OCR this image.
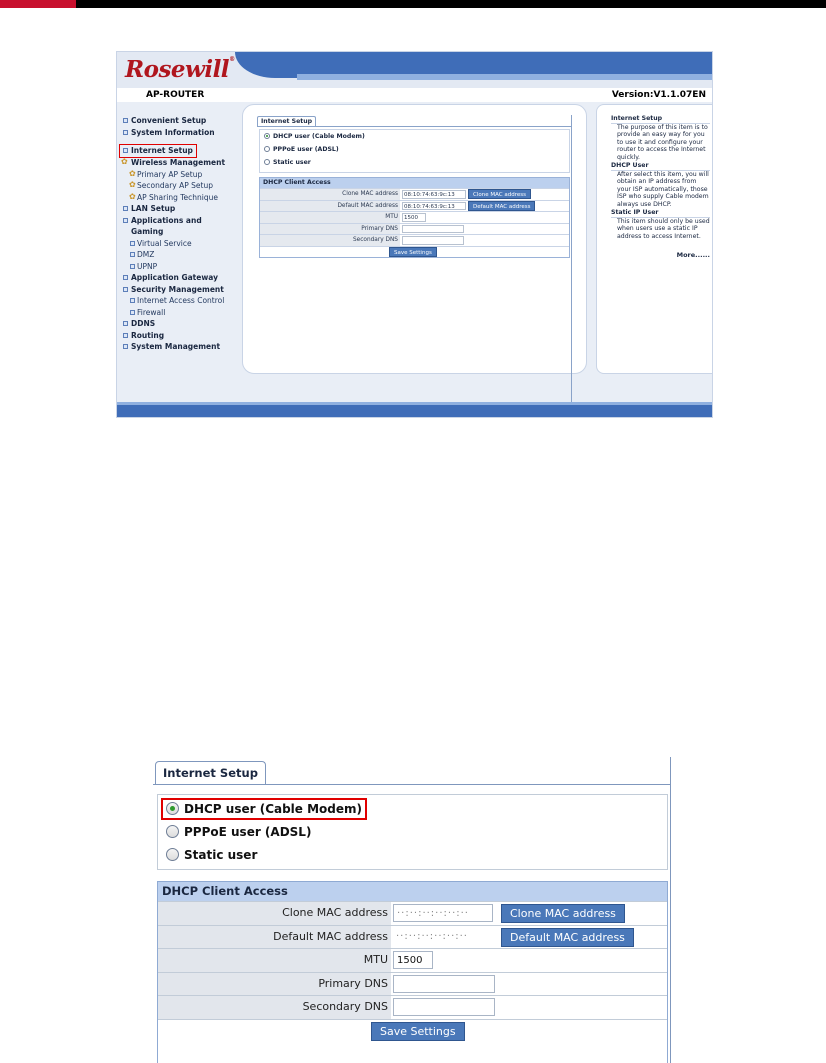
Rosewill®
AP-ROUTER	Version:V1.1.07EN
Convenient Setup
System Information
Internet Setup
✿ Wireless Management
✿ Primary AP Setup
✿ Secondary AP Setup
✿ AP Sharing Technique
LAN Setup
Applications and Gaming
Virtual Service
DMZ
UPNP
Application Gateway
Security Management
Internet Access Control
Firewall
DDNS
Routing
System Management
Internet Setup
DHCP user (Cable Modem)
PPPoE user (ADSL)
Static user
DHCP Client Access
Clone MAC address	08:10:74:63:9c:13	Clone MAC address
Default MAC address	08:10:74:63:9c:13	Default MAC address
MTU	1500
Primary DNS
Secondary DNS
Save Settings
Internet Setup
The purpose of this item is to provide an easy way for you to use it and configure your router to access the Internet quickly.
DHCP User
After select this item, you will obtain an IP address from your ISP automatically, those ISP who supply Cable modem always use DHCP.
Static IP User
This item should only be used when users use a static IP address to access Internet.
More......
Internet Setup
DHCP user (Cable Modem)
PPPoE user (ADSL)
Static user
DHCP Client Access
Clone MAC address ··:··:··:··:··:··	Clone MAC address
Default MAC address ··:··:··:··:··:··	Default MAC address
MTU 1500
Primary DNS
Secondary DNS
Save Settings
